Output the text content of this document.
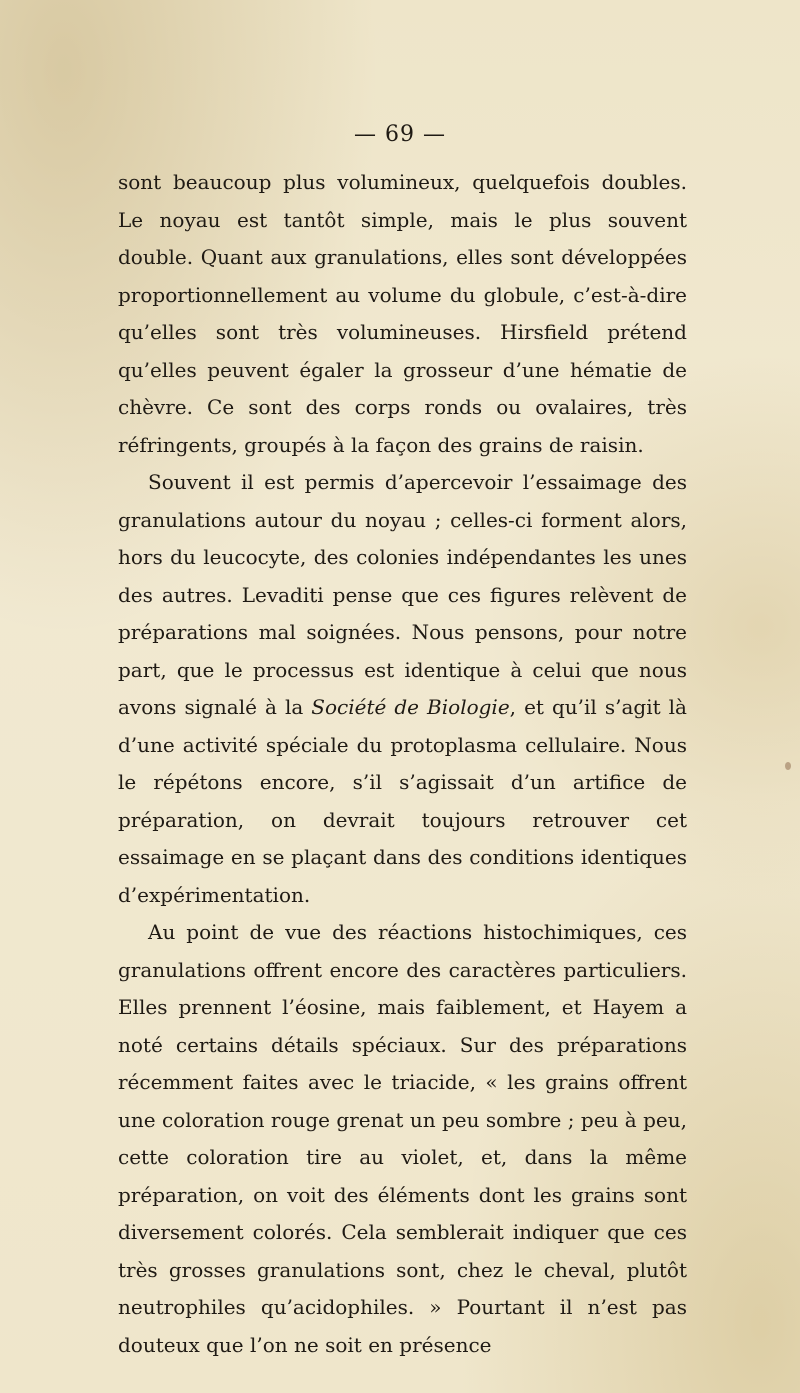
— 69 —

sont beaucoup plus volumineux, quelquefois doubles. Le noyau est tantôt simple, mais le plus souvent double. Quant aux granulations, elles sont développées proportionnellement au volume du globule, c’est-à-dire qu’elles sont très volumineuses. Hirsfield prétend qu’elles peuvent égaler la grosseur d’une hématie de chèvre. Ce sont des corps ronds ou ovalaires, très réfringents, groupés à la façon des grains de raisin.

Souvent il est permis d’apercevoir l’essaimage des granulations autour du noyau ; celles-ci forment alors, hors du leucocyte, des colonies indépendantes les unes des autres. Levaditi pense que ces figures relèvent de préparations mal soignées. Nous pensons, pour notre part, que le processus est identique à celui que nous avons signalé à la Société de Biologie, et qu’il s’agit là d’une activité spéciale du protoplasma cellulaire. Nous le répétons encore, s’il s’agissait d’un artifice de préparation, on devrait toujours retrouver cet essaimage en se plaçant dans des conditions identiques d’expérimentation.

Au point de vue des réactions histochimiques, ces granulations offrent encore des caractères particuliers. Elles prennent l’éosine, mais faiblement, et Hayem a noté certains détails spéciaux. Sur des préparations récemment faites avec le triacide, « les grains offrent une coloration rouge grenat un peu sombre ; peu à peu, cette coloration tire au violet, et, dans la même préparation, on voit des éléments dont les grains sont diversement colorés. Cela semblerait indiquer que ces très grosses granulations sont, chez le cheval, plutôt neutrophiles qu’acidophiles. » Pourtant il n’est pas douteux que l’on ne soit en présence
